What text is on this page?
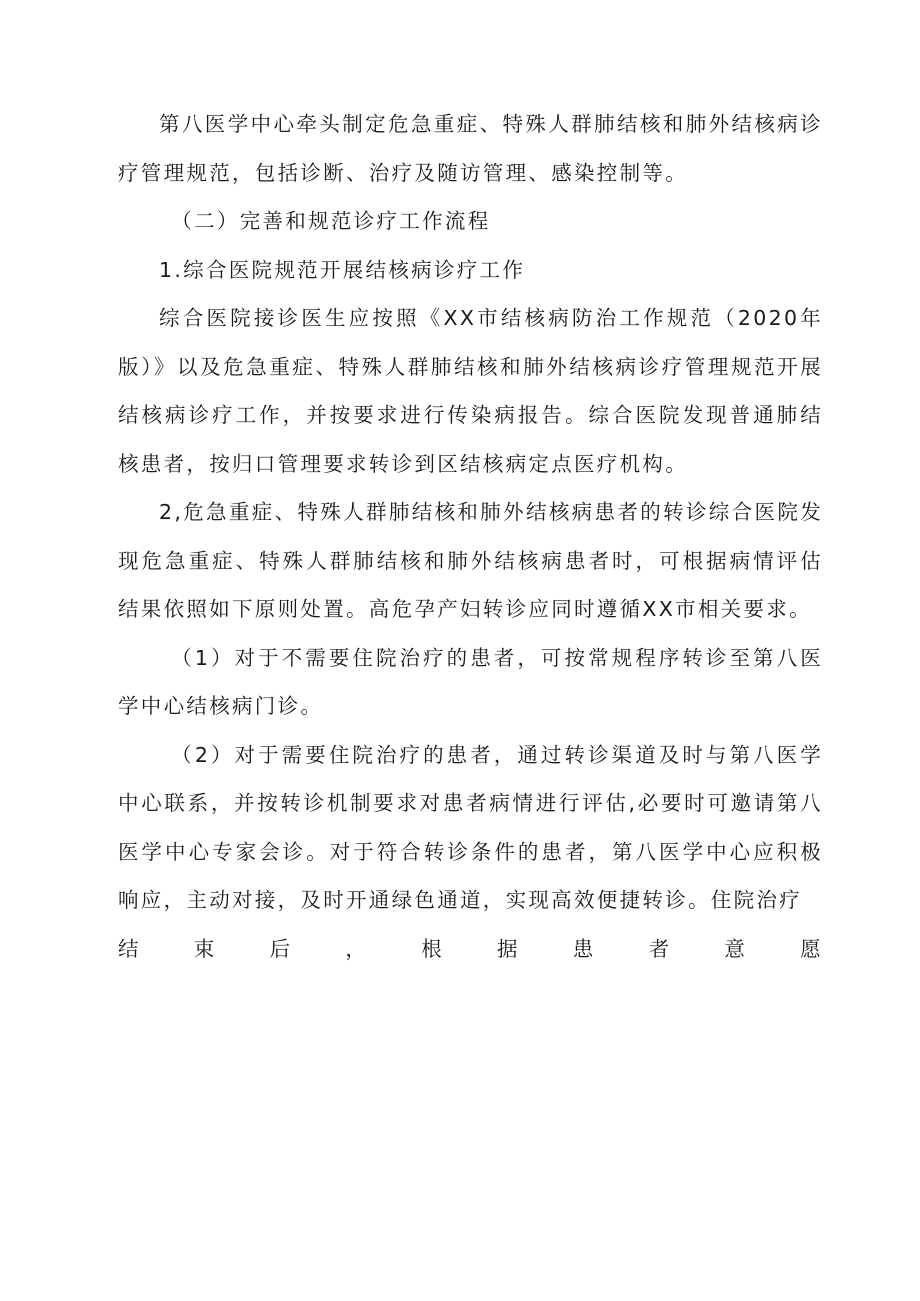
第八医学中心牵头制定危急重症、特殊人群肺结核和肺外结核病诊疗管理规范，包括诊断、治疗及随访管理、感染控制等。

（二）完善和规范诊疗工作流程

1.综合医院规范开展结核病诊疗工作

综合医院接诊医生应按照《XX市结核病防治工作规范（2020年版）》以及危急重症、特殊人群肺结核和肺外结核病诊疗管理规范开展结核病诊疗工作，并按要求进行传染病报告。综合医院发现普通肺结核患者，按归口管理要求转诊到区结核病定点医疗机构。

2,危急重症、特殊人群肺结核和肺外结核病患者的转诊综合医院发现危急重症、特殊人群肺结核和肺外结核病患者时，可根据病情评估结果依照如下原则处置。高危孕产妇转诊应同时遵循XX市相关要求。

（1）对于不需要住院治疗的患者，可按常规程序转诊至第八医学中心结核病门诊。

（2）对于需要住院治疗的患者，通过转诊渠道及时与第八医学中心联系，并按转诊机制要求对患者病情进行评估,必要时可邀请第八医学中心专家会诊。对于符合转诊条件的患者，第八医学中心应积极响应，主动对接，及时开通绿色通道，实现高效便捷转诊。住院治疗

结 束 后 ， 根 据 患 者 意 愿
